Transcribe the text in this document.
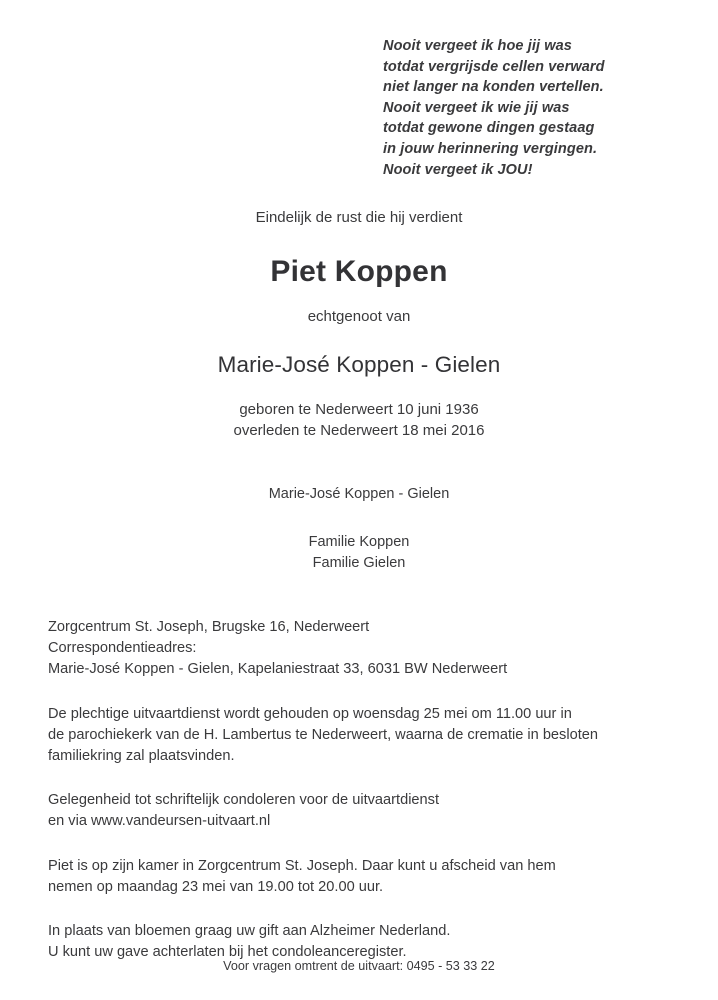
Nooit vergeet ik hoe jij was
totdat vergrijsde cellen verward
niet langer na konden vertellen.
Nooit vergeet ik wie jij was
totdat gewone dingen gestaag
in jouw herinnering vergingen.
Nooit vergeet ik JOU!
Eindelijk de rust die hij verdient
Piet Koppen
echtgenoot van
Marie-José Koppen - Gielen
geboren te Nederweert 10 juni 1936
overleden te Nederweert 18 mei 2016
Marie-José Koppen - Gielen
Familie Koppen
Familie Gielen
Zorgcentrum St. Joseph, Brugske 16, Nederweert
Correspondentieadres:
Marie-José Koppen - Gielen, Kapelaniestraat 33, 6031 BW Nederweert
De plechtige uitvaartdienst wordt gehouden op woensdag 25 mei om 11.00 uur in
de parochiekerk van de H. Lambertus te Nederweert, waarna de crematie in besloten
familiekring zal plaatsvinden.
Gelegenheid tot schriftelijk condoleren voor de uitvaartdienst
en via www.vandeursen-uitvaart.nl
Piet is op zijn kamer in Zorgcentrum St. Joseph. Daar kunt u afscheid van hem
nemen op maandag 23 mei van 19.00 tot 20.00 uur.
In plaats van bloemen graag uw gift aan Alzheimer Nederland.
U kunt uw gave achterlaten bij het condoleanceregister.
Voor vragen omtrent de uitvaart: 0495 - 53 33 22
